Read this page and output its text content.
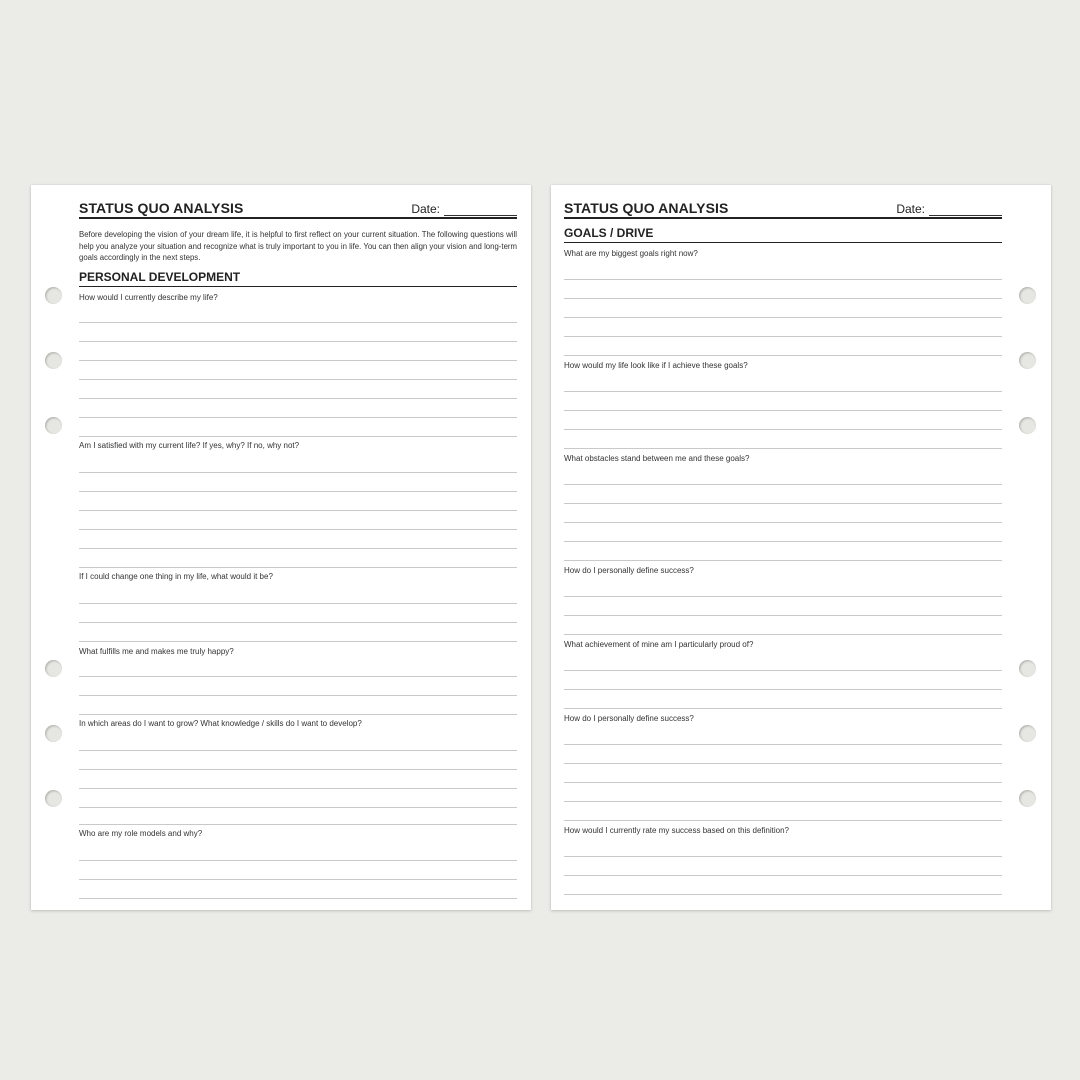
STATUS QUO ANALYSIS	Date:
Before developing the vision of your dream life, it is helpful to first reflect on your current situation. The following questions will help you analyze your situation and recognize what is truly important to you in life. You can then align your vision and long-term goals accordingly in the next steps.
PERSONAL DEVELOPMENT
How would I currently describe my life?
Am I satisfied with my current life? If yes, why? If no, why not?
If I could change one thing in my life, what would it be?
What fulfills me and makes me truly happy?
In which areas do I want to grow? What knowledge / skills do I want to develop?
Who are my role models and why?
STATUS QUO ANALYSIS	Date:
GOALS / DRIVE
What are my biggest goals right now?
How would my life look like if I achieve these goals?
What obstacles stand between me and these goals?
How do I personally define success?
What achievement of mine am I particularly proud of?
How do I personally define success?
How would I currently rate my success based on this definition?
